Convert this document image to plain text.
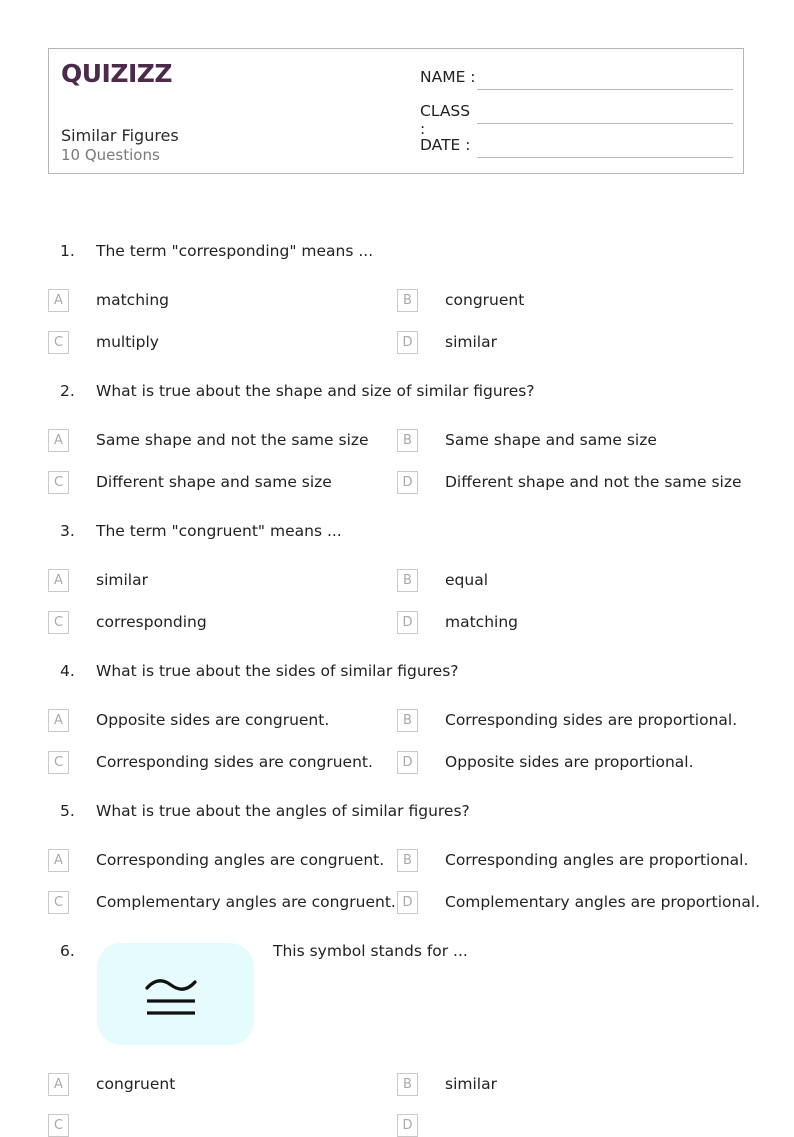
QUIZIZZ
Similar Figures
10 Questions
NAME :
CLASS :
DATE :
1. The term "corresponding" means ...
A	matching	B	congruent
C	multiply	D	similar
2. What is true about the shape and size of similar figures?
A	Same shape and not the same size	B	Same shape and same size
C	Different shape and same size	D	Different shape and not the same size
3. The term "congruent" means ...
A	similar	B	equal
C	corresponding	D	matching
4. What is true about the sides of similar figures?
A	Opposite sides are congruent.	B	Corresponding sides are proportional.
C	Corresponding sides are congruent.	D	Opposite sides are proportional.
5. What is true about the angles of similar figures?
A	Corresponding angles are congruent.	B	Corresponding angles are proportional.
C	Complementary angles are congruent. D	Complementary angles are proportional.
6.	This symbol stands for ...
A	congruent	B	similar
C	D
